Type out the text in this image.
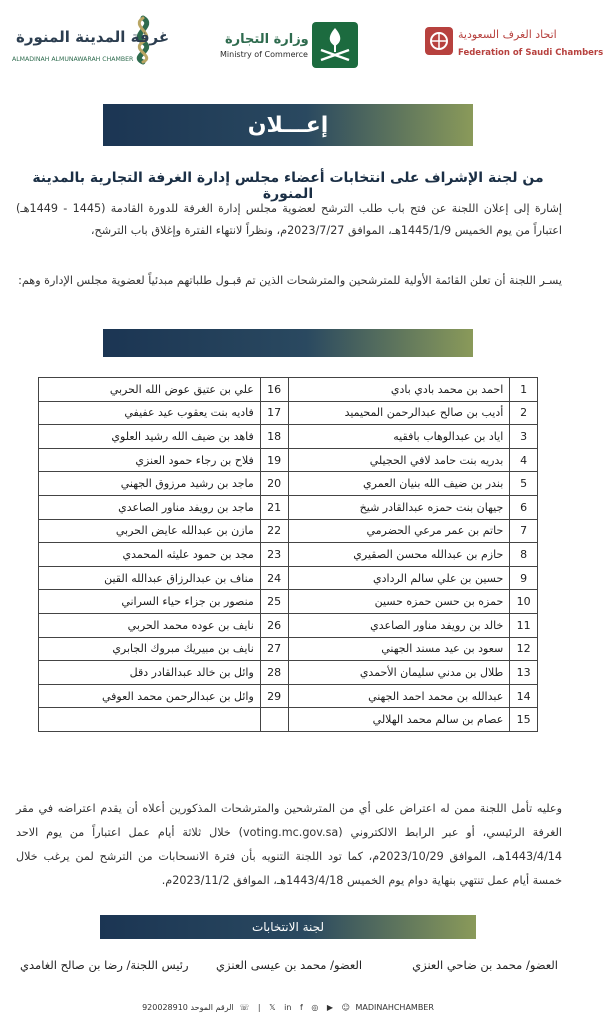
غرفة المدينة المنورة
ALMADINAH ALMUNAWARAH CHAMBER
وزارة التجارة
Ministry of Commerce
اتحاد الغرف السعودية
Federation of Saudi Chambers
إعـــلان
من لجنة الإشراف على انتخابات أعضاء مجلس إدارة الغرفة التجارية بالمدينة المنورة
إشارة إلى إعلان اللجنة عن فتح باب طلب الترشح لعضوية مجلس إدارة الغرفة للدورة القادمة (1445 - 1449هـ) اعتباراً من يوم الخميس 1445/1/9هـ، الموافق 2023/7/27م، ونظراً لانتهاء الفترة وإغلاق باب الترشح،
يسـر اللجنة أن تعلن القائمة الأولية للمترشحين والمترشحات الذين تم قبـول طلباتهم مبدئياً لعضوية مجلس الإدارة وهم:
1	احمد بن محمد بادي بادي	16	علي بن عتيق عوض الله الحربي
2	أديب بن صالح عبدالرحمن المحيميد	17	فاديه بنت يعقوب عيد عفيفي
3	اياد بن عبدالوهاب بافقيه	18	فاهد بن ضيف الله رشيد العلوي
4	بدريه بنت حامد لافي الحجيلي	19	فلاح بن رجاء حمود العنزي
5	بندر بن ضيف الله بنيان العمري	20	ماجد بن رشيد مرزوق الجهني
6	جيهان بنت حمزه عبدالقادر شيخ	21	ماجد بن رويفد مناور الصاعدي
7	حاتم بن عمر مرعي الحضرمي	22	مازن بن عبدالله عايض الحربي
8	حازم بن عبدالله محسن الصقيري	23	مجد بن حمود عليثه المحمدي
9	حسين بن علي سالم الردادي	24	مناف بن عبدالرزاق عبدالله القين
10	حمزه بن حسن حمزه حسين	25	منصور بن جزاء حياء السراني
11	خالد بن رويفد مناور الصاعدي	26	نايف بن عوده محمد الحربي
12	سعود بن عيد مسند الجهني	27	نايف بن مبيريك مبروك الجابري
13	طلال بن مدني سليمان الأحمدي	28	وائل بن خالد عبدالقادر دقل
14	عبدالله بن محمد احمد الجهني	29	وائل بن عبدالرحمن محمد العوفي
15	عصام بن سالم محمد الهلالي		
وعليه تأمل اللجنة ممن له اعتراض على أي من المترشحين والمترشحات المذكورين أعلاه أن يقدم اعتراضه في مقر الغرفة الرئيسي، أو عبر الرابط الالكتروني (voting.mc.gov.sa) خلال ثلاثة أيام عمل اعتباراً من يوم الاحد 1443/4/14هـ، الموافق 2023/10/29م، كما تود اللجنة التنويه بأن فترة الانسحابات من الترشح لمن يرغب خلال خمسة أيام عمل تنتهي بنهاية دوام يوم الخميس 1443/4/18هـ، الموافق 2023/11/2م.
لجنة الانتخابات
العضو/ محمد بن ضاحي العنزي
العضو/ محمد بن عيسى العنزي
رئيس اللجنة/ رضا بن صالح الغامدي
920028910 الرقم الموحد ☏ | 𝕏 in f ◎ ▶ ☺ MADINAHCHAMBER
